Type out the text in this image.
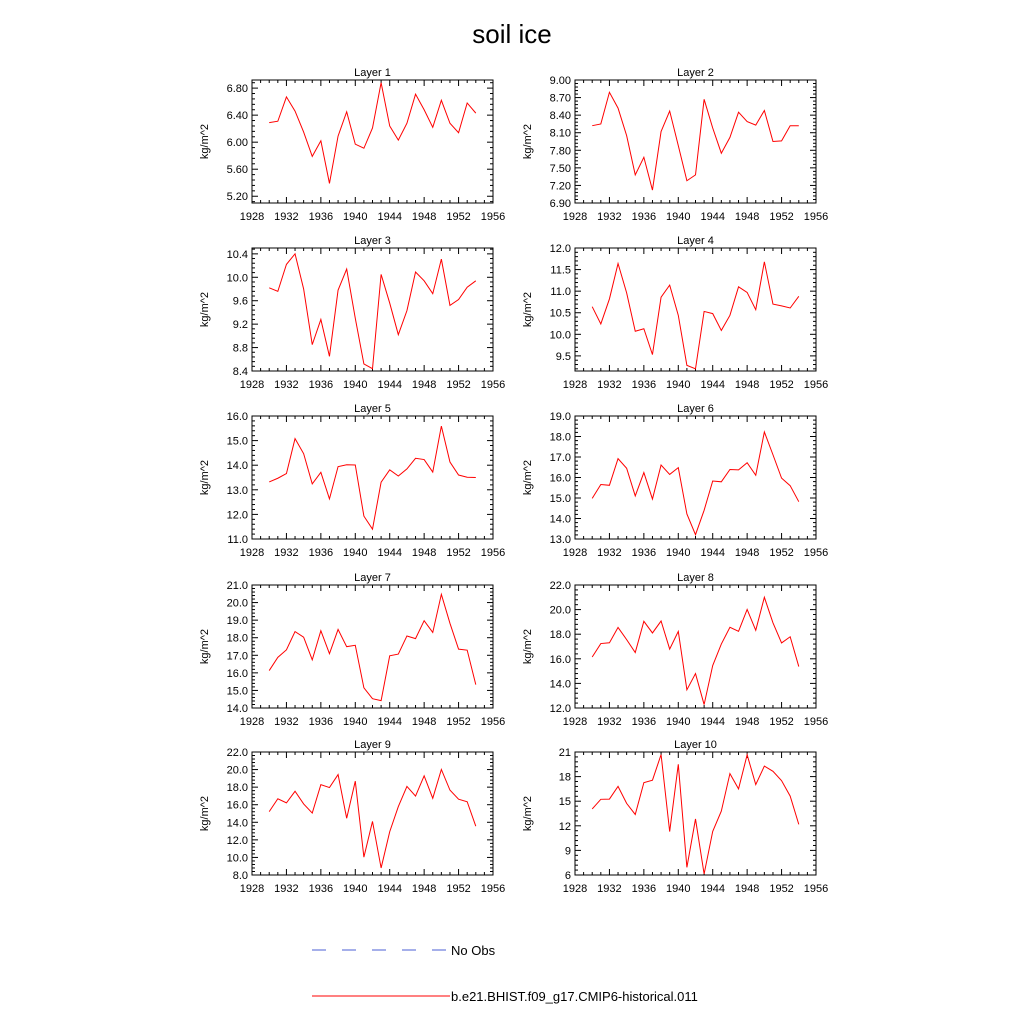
soil ice
Layer 1
1928 1932 1936 1940 1944 1948 1952 1956
5.20
5.60
6.00
6.40
6.80
kg/m^2
Layer 2
1928 1932 1936 1940 1944 1948 1952 1956
6.90
7.20
7.50
7.80
8.10
8.40
8.70
9.00
kg/m^2
Layer 3
1928 1932 1936 1940 1944 1948 1952 1956
8.4
8.8
9.2
9.6
10.0
10.4
kg/m^2
Layer 4
1928 1932 1936 1940 1944 1948 1952 1956
9.5
10.0
10.5
11.0
11.5
12.0
kg/m^2
Layer 5
1928 1932 1936 1940 1944 1948 1952 1956
11.0
12.0
13.0
14.0
15.0
16.0
kg/m^2
Layer 6
1928 1932 1936 1940 1944 1948 1952 1956
13.0
14.0
15.0
16.0
17.0
18.0
19.0
kg/m^2
Layer 7
1928 1932 1936 1940 1944 1948 1952 1956
14.0
15.0
16.0
17.0
18.0
19.0
20.0
21.0
kg/m^2
Layer 8
1928 1932 1936 1940 1944 1948 1952 1956
12.0
14.0
16.0
18.0
20.0
22.0
kg/m^2
Layer 9
1928 1932 1936 1940 1944 1948 1952 1956
8.0
10.0
12.0
14.0
16.0
18.0
20.0
22.0
kg/m^2
Layer 10
1928 1932 1936 1940 1944 1948 1952 1956
6
9
12
15
18
21
kg/m^2
No Obs
b.e21.BHIST.f09_g17.CMIP6-historical.011
